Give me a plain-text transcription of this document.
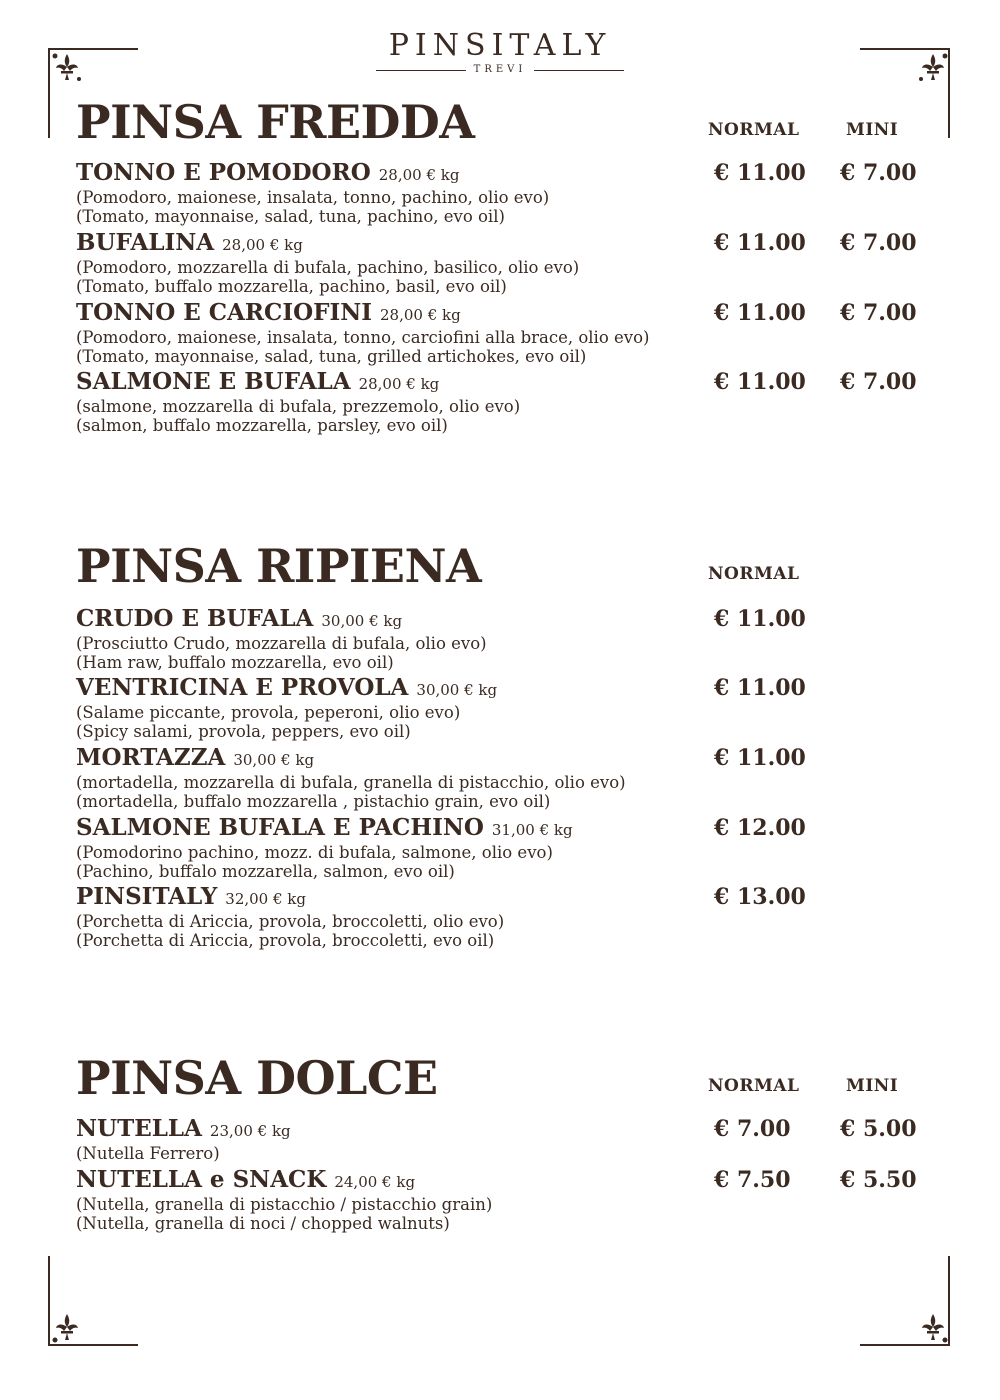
PINSITALY
TREVI
PINSA FREDDA	NORMAL	MINI
TONNO E POMODORO 28,00 € kg
(Pomodoro, maionese, insalata, tonno, pachino, olio evo)
(Tomato, mayonnaise, salad, tuna, pachino, evo oil)
€ 11.00 € 7.00
BUFALINA 28,00 € kg
(Pomodoro, mozzarella di bufala, pachino, basilico, olio evo)
(Tomato, buffalo mozzarella, pachino, basil, evo oil)
€ 11.00 € 7.00
TONNO E CARCIOFINI 28,00 € kg
(Pomodoro, maionese, insalata, tonno, carciofini alla brace, olio evo)
(Tomato, mayonnaise, salad, tuna, grilled artichokes, evo oil)
€ 11.00 € 7.00
SALMONE E BUFALA 28,00 € kg
(salmone, mozzarella di bufala, prezzemolo, olio evo)
(salmon, buffalo mozzarella, parsley, evo oil)
€ 11.00 € 7.00
PINSA RIPIENA	NORMAL
CRUDO E BUFALA 30,00 € kg
(Prosciutto Crudo, mozzarella di bufala, olio evo)
(Ham raw, buffalo mozzarella, evo oil)
€ 11.00
VENTRICINA E PROVOLA 30,00 € kg
(Salame piccante, provola, peperoni, olio evo)
(Spicy salami, provola, peppers, evo oil)
€ 11.00
MORTAZZA 30,00 € kg
(mortadella, mozzarella di bufala, granella di pistacchio, olio evo)
(mortadella, buffalo mozzarella , pistachio grain, evo oil)
€ 11.00
SALMONE BUFALA E PACHINO 31,00 € kg
(Pomodorino pachino, mozz. di bufala, salmone, olio evo)
(Pachino, buffalo mozzarella, salmon, evo oil)
€ 12.00
PINSITALY 32,00 € kg
(Porchetta di Ariccia, provola, broccoletti, olio evo)
(Porchetta di Ariccia, provola, broccoletti, evo oil)
€ 13.00
PINSA DOLCE	NORMAL	MINI
NUTELLA 23,00 € kg
(Nutella Ferrero)
€ 7.00 € 5.00
NUTELLA e SNACK 24,00 € kg
(Nutella, granella di pistacchio / pistacchio grain)
(Nutella, granella di noci / chopped walnuts)
€ 7.50 € 5.50
